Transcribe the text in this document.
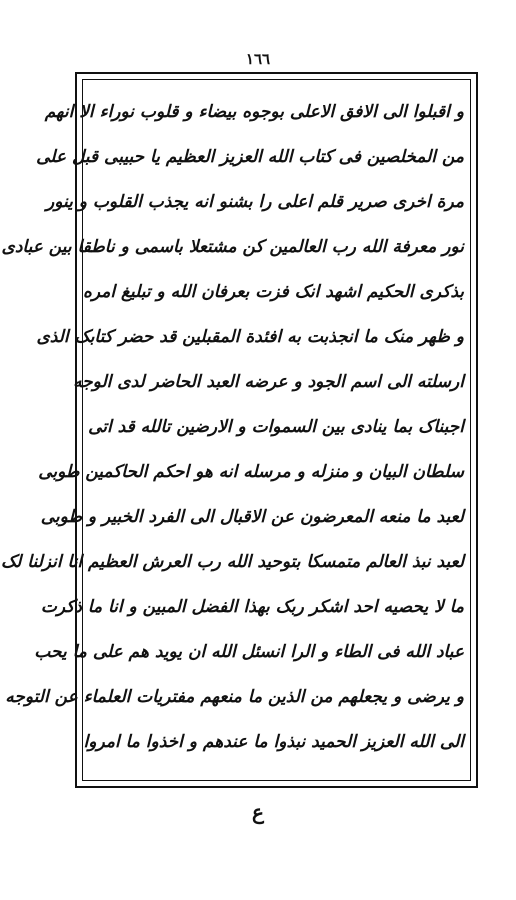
١٦٦
و اقبلوا الی الافق الاعلی بوجوه بیضاء و قلوب نوراء الا انهم
من المخلصین فی کتاب الله العزیز العظیم یا حبیبی قبل علی
مرة اخری صریر قلم اعلی را بشنو انه یجذب القلوب و ینور
نور معرفة الله رب العالمین کن مشتعلا باسمی و ناطقا بین عبادی
بذکری الحکیم اشهد انک فزت بعرفان الله و تبلیغ امره
و ظهر منک ما انجذبت به افئدة المقبلین قد حضر کتابک الذی
ارسلته الی اسم الجود و عرضه العبد الحاضر لدی الوجه
اجبناک بما ینادی بین السموات و الارضین تالله قد اتی
سلطان البیان و منزله و مرسله انه هو احکم الحاکمین طوبی
لعبد ما منعه المعرضون عن الاقبال الی الفرد الخبیر و طوبی
لعبد نبذ العالم متمسکا بتوحید الله رب العرش العظیم انا انزلنا لک
ما لا یحصیه احد اشکر ربک بهذا الفضل المبین و انا ما ذکرت
عباد الله فی الطاء و الرا انسئل الله ان یوید هم علی ما یحب
و یرضی و یجعلهم من الذین ما منعهم مفتریات العلماء عن التوجه
الی الله العزیز الحمید نبذوا ما عندهم و اخذوا ما امروا
ع
